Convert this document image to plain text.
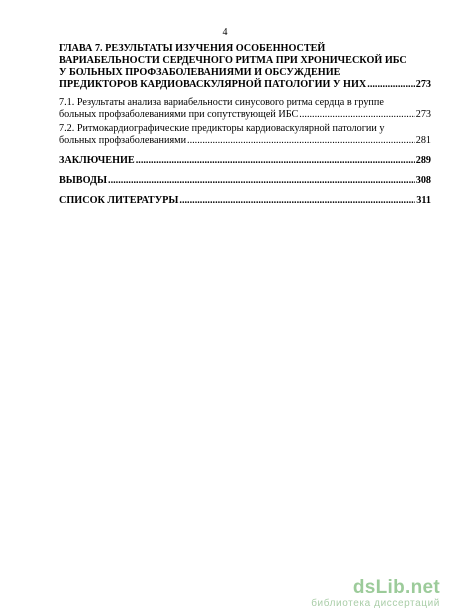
4
ГЛАВА 7. РЕЗУЛЬТАТЫ ИЗУЧЕНИЯ ОСОБЕННОСТЕЙ
ВАРИАБЕЛЬНОСТИ СЕРДЕЧНОГО РИТМА ПРИ ХРОНИЧЕСКОЙ ИБС
У БОЛЬНЫХ ПРОФЗАБОЛЕВАНИЯМИ И ОБСУЖДЕНИЕ
ПРЕДИКТОРОВ КАРДИОВАСКУЛЯРНОЙ ПАТОЛОГИИ У НИХ .....	273
7.1. Результаты анализа вариабельности синусового ритма сердца в группе
больных профзаболеваниями при сопутствующей ИБС .....	273
7.2. Ритмокардиографические предикторы кардиоваскулярной патологии у
больных профзаболеваниями .....	281
ЗАКЛЮЧЕНИЕ .....	289
ВЫВОДЫ .....	308
СПИСОК ЛИТЕРАТУРЫ .....	311
dsLib.net
библиотека диссертаций
